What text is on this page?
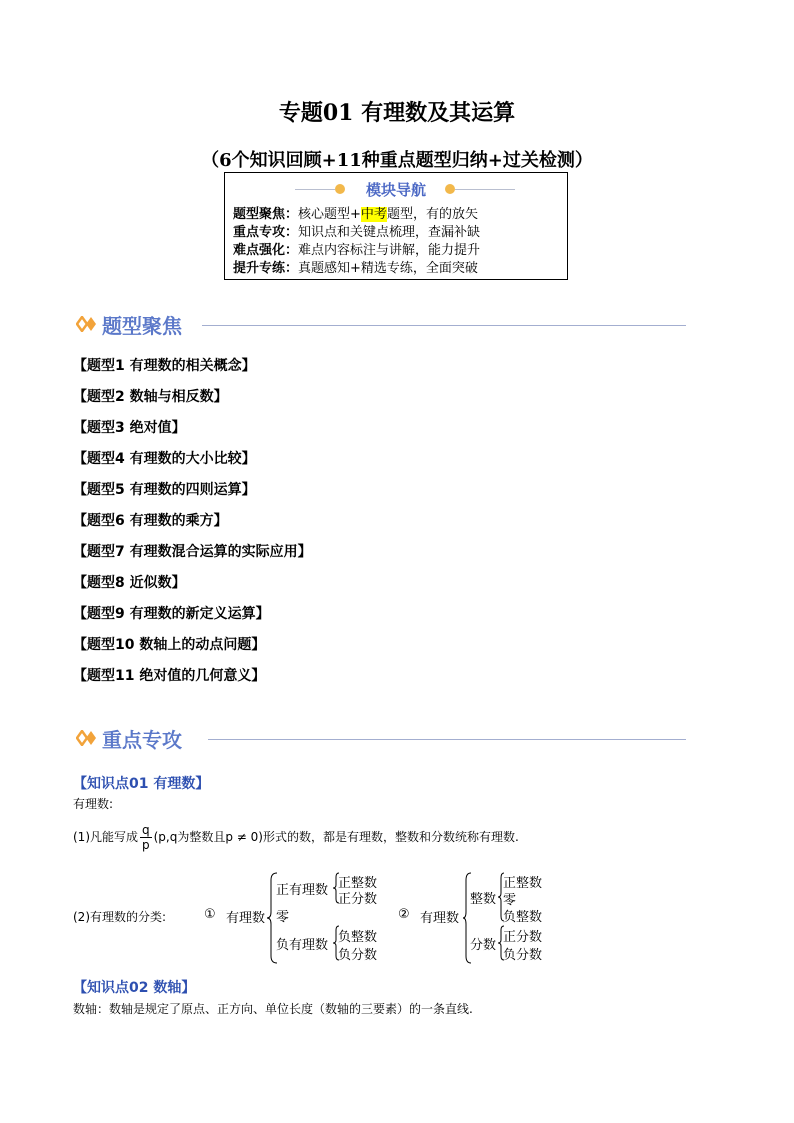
专题01 有理数及其运算
（6个知识回顾+11种重点题型归纳+过关检测）
模块导航
题型聚焦：核心题型+中考题型，有的放矢
重点专攻：知识点和关键点梳理，查漏补缺
难点强化：难点内容标注与讲解，能力提升
提升专练：真题感知+精选专练，全面突破
题型聚焦
【题型1 有理数的相关概念】
【题型2 数轴与相反数】
【题型3 绝对值】
【题型4 有理数的大小比较】
【题型5 有理数的四则运算】
【题型6 有理数的乘方】
【题型7 有理数混合运算的实际应用】
【题型8 近似数】
【题型9 有理数的新定义运算】
【题型10 数轴上的动点问题】
【题型11 绝对值的几何意义】
重点专攻
【知识点01 有理数】
有理数:
(1)凡能写成 $\frac{q}{p} (p,q$为整数且p ≠ 0)形式的数，都是有理数，整数和分数统称有理数.
(2)有理数的分类:	① 有理数
正有理数
零
负有理数
正整数
正分数
负整数
负分数
② 有理数
整数
分数
正整数
零
负整数
正分数
负分数
【知识点02 数轴】
数轴：数轴是规定了原点、正方向、单位长度（数轴的三要素）的一条直线.
